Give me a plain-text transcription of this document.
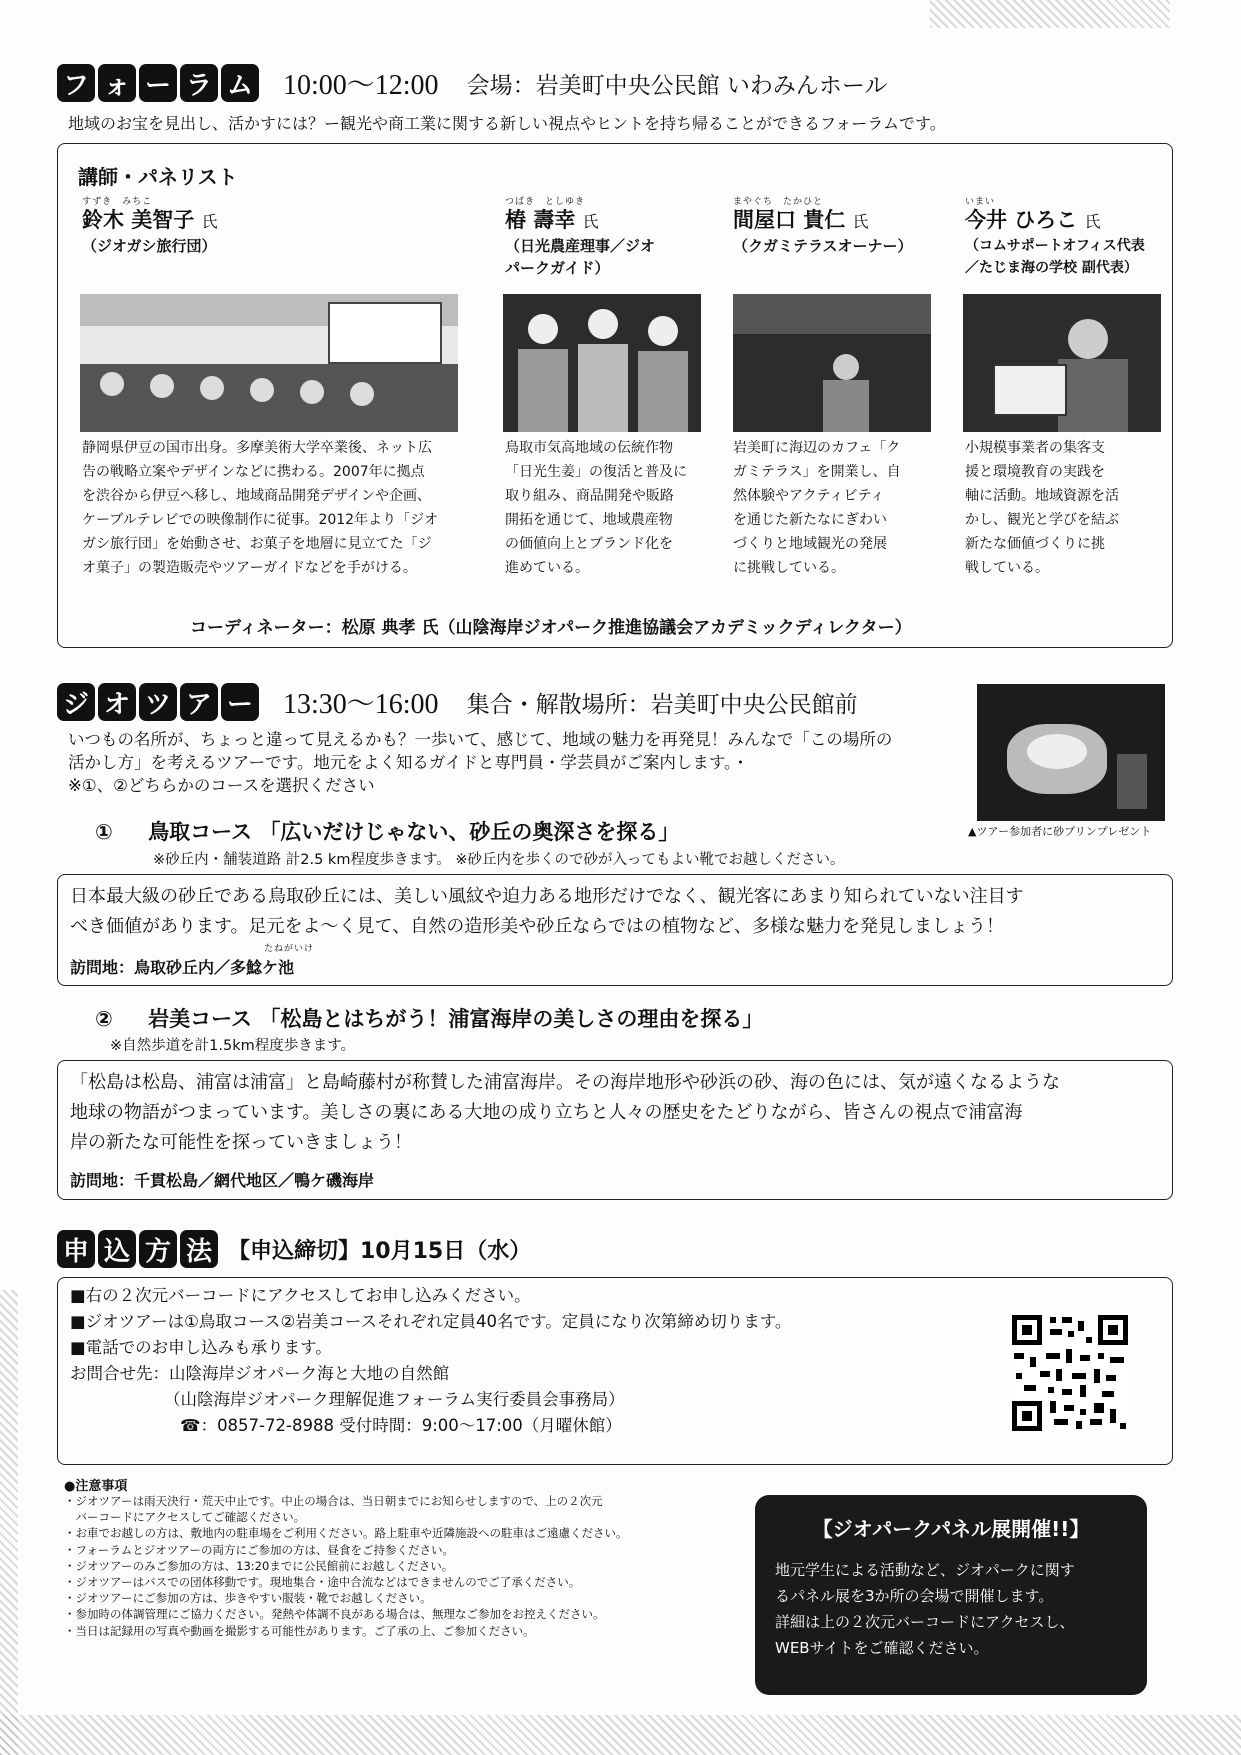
フ ォ ー ラ ム 10:00～12:00 会場：岩美町中央公民館 いわみんホール
地域のお宝を見出し、活かすには？ー観光や商工業に関する新しい視点やヒントを持ち帰ることができるフォーラムです。
講師・パネリスト
すずき　みちこ
鈴木 美智子 氏
（ジオガシ旅行団）
静岡県伊豆の国市出身。多摩美術大学卒業後、ネット広
告の戦略立案やデザインなどに携わる。2007年に拠点
を渋谷から伊豆へ移し、地域商品開発デザインや企画、
ケーブルテレビでの映像制作に従事。2012年より「ジオ
ガシ旅行団」を始動させ、お菓子を地層に見立てた「ジ
オ菓子」の製造販売やツアーガイドなどを手がける。
つばき　としゆき
椿 壽幸 氏
（日光農産理事／ジオ
パークガイド）
鳥取市気高地域の伝統作物
「日光生姜」の復活と普及に
取り組み、商品開発や販路
開拓を通じて、地域農産物
の価値向上とブランド化を
進めている。
まやぐち　たかひと
間屋口 貴仁 氏
（クガミテラスオーナー）
岩美町に海辺のカフェ「ク
ガミテラス」を開業し、自
然体験やアクティビティ
を通じた新たなにぎわい
づくりと地域観光の発展
に挑戦している。
いまい
今井 ひろこ 氏
（コムサポートオフィス代表
／たじま海の学校 副代表）
小規模事業者の集客支
援と環境教育の実践を
軸に活動。地域資源を活
かし、観光と学びを結ぶ
新たな価値づくりに挑
戦している。
コーディネーター：松原 典孝 氏（山陰海岸ジオパーク推進協議会アカデミックディレクター）
ジ オ ツ ア ー 13:30～16:00 集合・解散場所：岩美町中央公民館前
いつもの名所が、ちょっと違って見えるかも？一歩いて、感じて、地域の魅力を再発見！みんなで「この場所の
活かし方」を考えるツアーです。地元をよく知るガイドと専門員・学芸員がご案内します。・
※①、②どちらかのコースを選択ください
▲ツアー参加者に砂プリンプレゼント
① 鳥取コース 「広いだけじゃない、砂丘の奥深さを探る」
※砂丘内・舗装道路 計2.5 km程度歩きます。 ※砂丘内を歩くので砂が入ってもよい靴でお越しください。
日本最大級の砂丘である鳥取砂丘には、美しい風紋や迫力ある地形だけでなく、観光客にあまり知られていない注目す
べき価値があります。足元をよ～く見て、自然の造形美や砂丘ならではの植物など、多様な魅力を発見しましょう！
たねがいけ
訪問地：鳥取砂丘内／多鯰ケ池
② 岩美コース 「松島とはちがう！浦富海岸の美しさの理由を探る」
※自然歩道を計1.5km程度歩きます。
「松島は松島、浦富は浦富」と島崎藤村が称賛した浦富海岸。その海岸地形や砂浜の砂、海の色には、気が遠くなるような
地球の物語がつまっています。美しさの裏にある大地の成り立ちと人々の歴史をたどりながら、皆さんの視点で浦富海
岸の新たな可能性を探っていきましょう！
訪問地：千貫松島／網代地区／鴨ケ磯海岸
申 込 方 法 【申込締切】10月15日（水）
■右の２次元バーコードにアクセスしてお申し込みください。
■ジオツアーは①鳥取コース②岩美コースそれぞれ定員40名です。定員になり次第締め切ります。
■電話でのお申し込みも承ります。
お問合せ先：山陰海岸ジオパーク海と大地の自然館
（山陰海岸ジオパーク理解促進フォーラム実行委員会事務局）
☎：0857-72-8988 受付時間：9:00～17:00（月曜休館）
●注意事項
・ジオツアーは雨天決行・荒天中止です。中止の場合は、当日朝までにお知らせしますので、上の２次元
　バーコードにアクセスしてご確認ください。
・お車でお越しの方は、敷地内の駐車場をご利用ください。路上駐車や近隣施設への駐車はご遠慮ください。
・フォーラムとジオツアーの両方にご参加の方は、昼食をご持参ください。
・ジオツアーのみご参加の方は、13:20までに公民館前にお越しください。
・ジオツアーはバスでの団体移動です。現地集合・途中合流などはできませんのでご了承ください。
・ジオツアーにご参加の方は、歩きやすい服装・靴でお越しください。
・参加時の体調管理にご協力ください。発熱や体調不良がある場合は、無理なご参加をお控えください。
・当日は記録用の写真や動画を撮影する可能性があります。ご了承の上、ご参加ください。
【ジオパークパネル展開催!!】
地元学生による活動など、ジオパークに関す
るパネル展を3か所の会場で開催します。
詳細は上の２次元バーコードにアクセスし、
WEBサイトをご確認ください。
